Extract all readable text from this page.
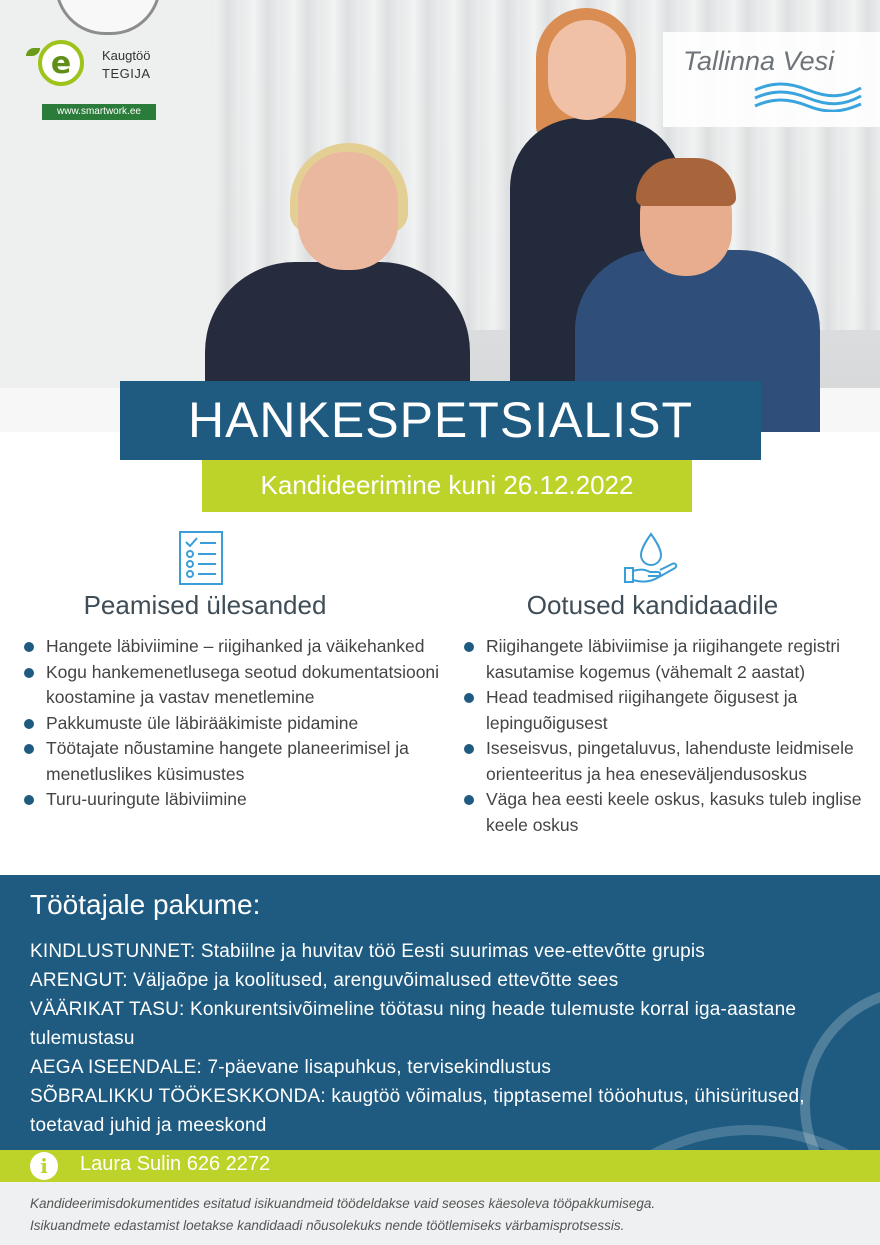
e	Kaugtöö
TEGIJA
www.smartwork.ee
Tallinna Vesi
HANKESPETSIALIST
Kandideerimine kuni 26.12.2022
Peamised ülesanded
Hangete läbiviimine – riigihanked ja väikehanked
Kogu hankemenetlusega seotud dokumentatsiooni koostamine ja vastav menetlemine
Pakkumuste üle läbirääkimiste pidamine
Töötajate nõustamine hangete planeerimisel ja menetluslikes küsimustes
Turu-uuringute läbiviimine
Ootused kandidaadile
Riigihangete läbiviimise ja riigihangete registri kasutamise kogemus (vähemalt 2 aastat)
Head teadmised riigihangete õigusest ja lepinguõigusest
Iseseisvus, pingetaluvus, lahenduste leidmisele orienteeritus ja hea eneseväljendusoskus
Väga hea eesti keele oskus, kasuks tuleb inglise keele oskus
Töötajale pakume:
KINDLUSTUNNET: Stabiilne ja huvitav töö Eesti suurimas vee-ettevõtte grupis
ARENGUT: Väljaõpe ja koolitused, arenguvõimalused ettevõtte sees
VÄÄRIKAT TASU: Konkurentsivõimeline töötasu ning heade tulemuste korral iga-aastane tulemustasu
AEGA ISEENDALE: 7-päevane lisapuhkus, tervisekindlustus
SÕBRALIKKU TÖÖKESKKONDA: kaugtöö võimalus, tipptasemel tööohutus, ühisüritused, toetavad juhid ja meeskond
i	Laura Sulin 626 2272

Kandideerimisdokumentides esitatud isikuandmeid töödeldakse vaid seoses käesoleva tööpakkumisega.

Isikuandmete edastamist loetakse kandidaadi nõusolekuks nende töötlemiseks värbamisprotsessis.
